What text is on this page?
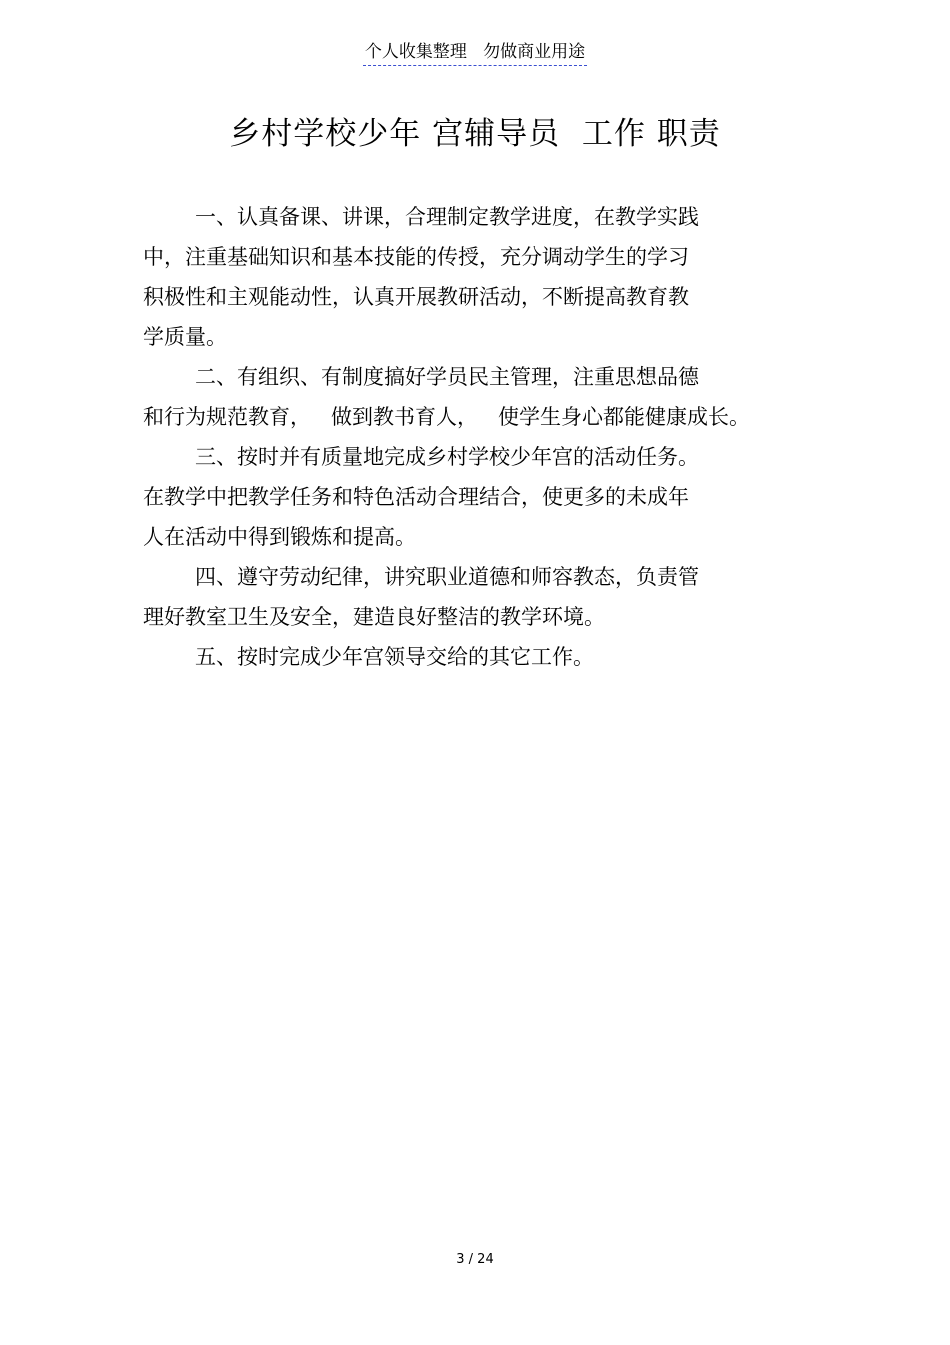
个人收集整理   勿做商业用途
乡村学校少年 宫辅导员  工作 职责
一、认真备课、讲课，合理制定教学进度，在教学实践
中，注重基础知识和基本技能的传授，充分调动学生的学习
积极性和主观能动性，认真开展教研活动，不断提高教育教
学质量。
二、有组织、有制度搞好学员民主管理，注重思想品德
和行为规范教育，   做到教书育人，   使学生身心都能健康成长。
三、按时并有质量地完成乡村学校少年宫的活动任务。
在教学中把教学任务和特色活动合理结合，使更多的未成年
人在活动中得到锻炼和提高。
四、遵守劳动纪律，讲究职业道德和师容教态，负责管
理好教室卫生及安全，建造良好整洁的教学环境。
五、按时完成少年宫领导交给的其它工作。
3 / 24
